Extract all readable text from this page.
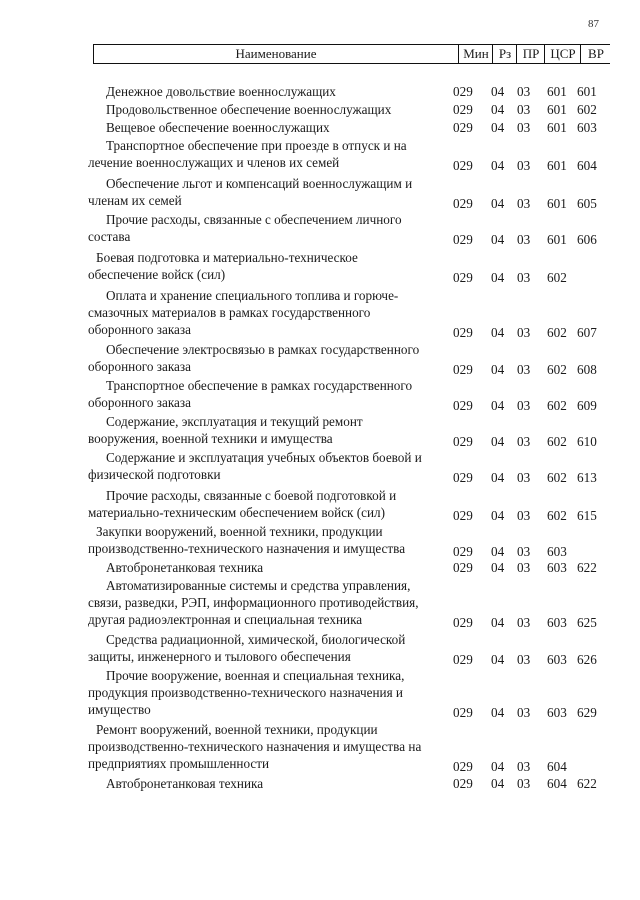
87
Наименование	Мин Рз ПР ЦСР ВР
Денежное довольствие военнослужащих	029 04 03 601 601
Продовольственное обеспечение военнослужащих	029 04 03 601 602
Вещевое обеспечение военнослужащих	029 04 03 601 603
Транспортное обеспечение при проезде в отпуск и на
лечение военнослужащих и членов их семей	029 04 03 601 604
Обеспечение льгот и компенсаций военнослужащим и
членам их семей	029 04 03 601 605
Прочие расходы, связанные с обеспечением личного
состава	029 04 03 601 606
Боевая подготовка и материально-техническое
обеспечение войск (сил)	029 04 03 602
Оплата и хранение специального топлива и горюче-
смазочных материалов в рамках государственного
оборонного заказа	029 04 03 602 607
Обеспечение электросвязью в рамках государственного
оборонного заказа	029 04 03 602 608
Транспортное обеспечение в рамках государственного
оборонного заказа	029 04 03 602 609
Содержание, эксплуатация и текущий ремонт
вооружения, военной техники и имущества	029 04 03 602 610
Содержание и эксплуатация учебных объектов боевой и
физической подготовки	029 04 03 602 613
Прочие расходы, связанные с боевой подготовкой и
материально-техническим обеспечением войск (сил)	029 04 03 602 615
Закупки вооружений, военной техники, продукции
производственно-технического назначения и имущества	029 04 03 603
Автобронетанковая техника	029 04 03 603 622
Автоматизированные системы и средства управления,
связи, разведки, РЭП, информационного противодействия,
другая радиоэлектронная и специальная техника	029 04 03 603 625
Средства радиационной, химической, биологической
защиты, инженерного и тылового обеспечения	029 04 03 603 626
Прочие вооружение, военная и специальная техника,
продукция производственно-технического назначения и
имущество	029 04 03 603 629
Ремонт вооружений, военной техники, продукции
производственно-технического назначения и имущества на
предприятиях промышленности	029 04 03 604
Автобронетанковая техника	029 04 03 604 622
